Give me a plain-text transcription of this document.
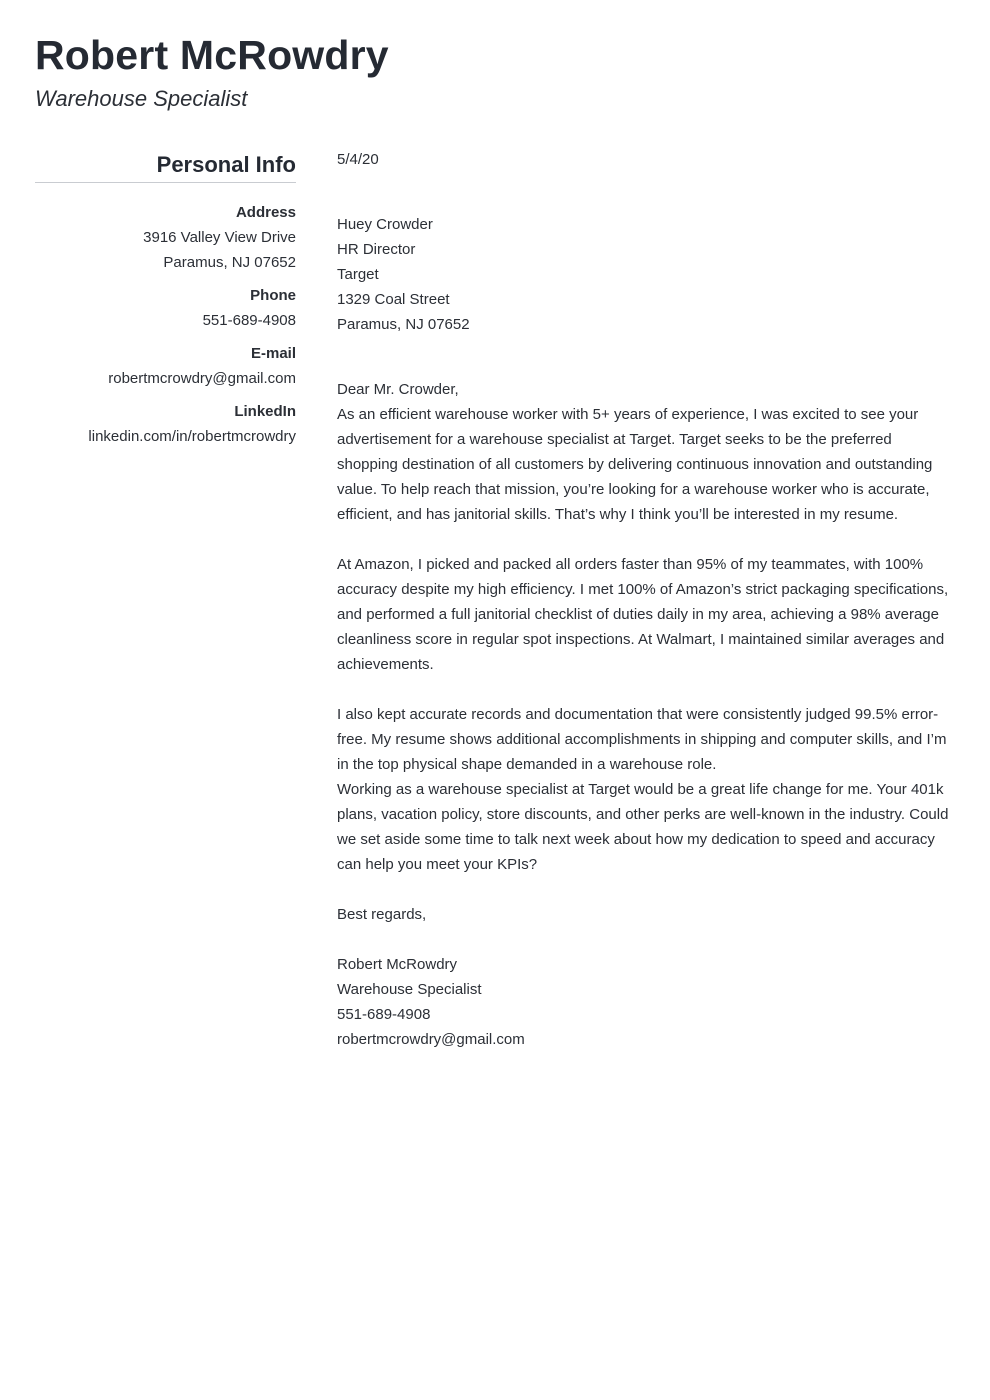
Robert McRowdry
Warehouse Specialist
Personal Info
Address
3916 Valley View Drive
Paramus, NJ 07652
Phone
551-689-4908
E-mail
robertmcrowdry@gmail.com
LinkedIn
linkedin.com/in/robertmcrowdry

5/4/20

Huey Crowder

HR Director

Target

1329 Coal Street

Paramus, NJ 07652

Dear Mr. Crowder,

As an efficient warehouse worker with 5+ years of experience, I was excited to see your advertisement for a warehouse specialist at Target. Target seeks to be the preferred shopping destination of all customers by delivering continuous innovation and outstanding value. To help reach that mission, you’re looking for a warehouse worker who is accurate, efficient, and has janitorial skills. That’s why I think you’ll be interested in my resume.

At Amazon, I picked and packed all orders faster than 95% of my teammates, with 100% accuracy despite my high efficiency. I met 100% of Amazon’s strict packaging specifications, and performed a full janitorial checklist of duties daily in my area, achieving a 98% average cleanliness score in regular spot inspections. At Walmart, I maintained similar averages and achievements.

I also kept accurate records and documentation that were consistently judged 99.5% error-free. My resume shows additional accomplishments in shipping and computer skills, and I’m in the top physical shape demanded in a warehouse role.

Working as a warehouse specialist at Target would be a great life change for me. Your 401k plans, vacation policy, store discounts, and other perks are well-known in the industry. Could we set aside some time to talk next week about how my dedication to speed and accuracy can help you meet your KPIs?

Best regards,

Robert McRowdry

Warehouse Specialist

551-689-4908

robertmcrowdry@gmail.com
